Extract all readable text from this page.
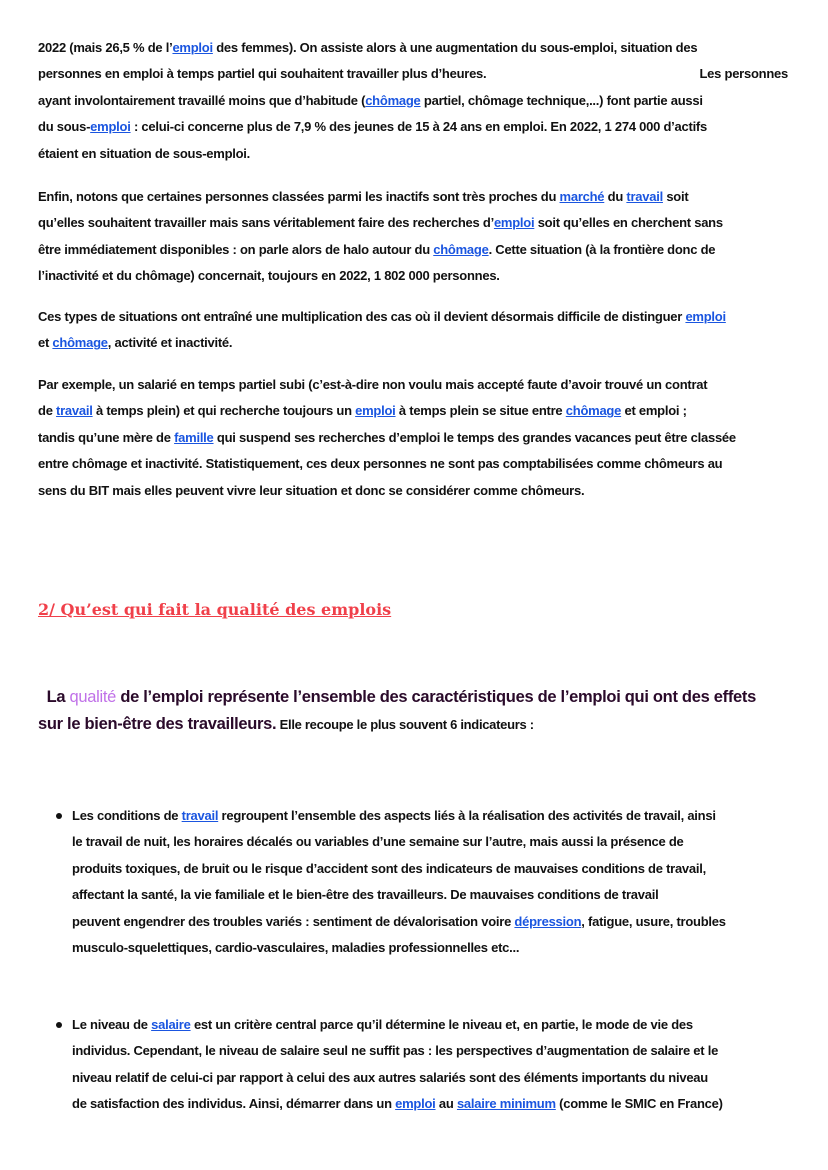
2/ Qu’est qui fait la qualité des emplois
2022 (mais 26,5 % de l’emploi des femmes). On assiste alors à une augmentation du sous-emploi, situation des
personnes en emploi à temps partiel qui souhaitent travailler plus d’heures.	Les personnes
ayant involontairement travaillé moins que d’habitude (chômage partiel, chômage technique,...) font partie aussi
du sous-emploi : celui-ci concerne plus de 7,9 % des jeunes de 15 à 24 ans en emploi. En 2022, 1 274 000 d’actifs
étaient en situation de sous-emploi.
Enfin, notons que certaines personnes classées parmi les inactifs sont très proches du marché du travail soit
qu’elles souhaitent travailler mais sans véritablement faire des recherches d’emploi soit qu’elles en cherchent sans
être immédiatement disponibles : on parle alors de halo autour du chômage. Cette situation (à la frontière donc de
l’inactivité et du chômage) concernait, toujours en 2022, 1 802 000 personnes.
Ces types de situations ont entraîné une multiplication des cas où il devient désormais difficile de distinguer emploi
et chômage, activité et inactivité.
Par exemple, un salarié en temps partiel subi (c’est-à-dire non voulu mais accepté faute d’avoir trouvé un contrat
de travail à temps plein) et qui recherche toujours un emploi à temps plein se situe entre chômage et emploi ;
tandis qu’une mère de famille qui suspend ses recherches d’emploi le temps des grandes vacances peut être classée
entre chômage et inactivité. Statistiquement, ces deux personnes ne sont pas comptabilisées comme chômeurs au
sens du BIT mais elles peuvent vivre leur situation et donc se considérer comme chômeurs.
La qualité de l’emploi représente l’ensemble des caractéristiques de l’emploi qui ont des effets
sur le bien-être des travailleurs. Elle recoupe le plus souvent 6 indicateurs :
Les conditions de travail regroupent l’ensemble des aspects liés à la réalisation des activités de travail, ainsi
le travail de nuit, les horaires décalés ou variables d’une semaine sur l’autre, mais aussi la présence de
produits toxiques, de bruit ou le risque d’accident sont des indicateurs de mauvaises conditions de travail,
affectant la santé, la vie familiale et le bien-être des travailleurs. De mauvaises conditions de travail
peuvent engendrer des troubles variés : sentiment de dévalorisation voire dépression, fatigue, usure, troubles
musculo-squelettiques, cardio-vasculaires, maladies professionnelles etc...
Le niveau de salaire est un critère central parce qu’il détermine le niveau et, en partie, le mode de vie des
individus. Cependant, le niveau de salaire seul ne suffit pas : les perspectives d’augmentation de salaire et le
niveau relatif de celui-ci par rapport à celui des aux autres salariés sont des éléments importants du niveau
de satisfaction des individus. Ainsi, démarrer dans un emploi au salaire minimum (comme le SMIC en France)
